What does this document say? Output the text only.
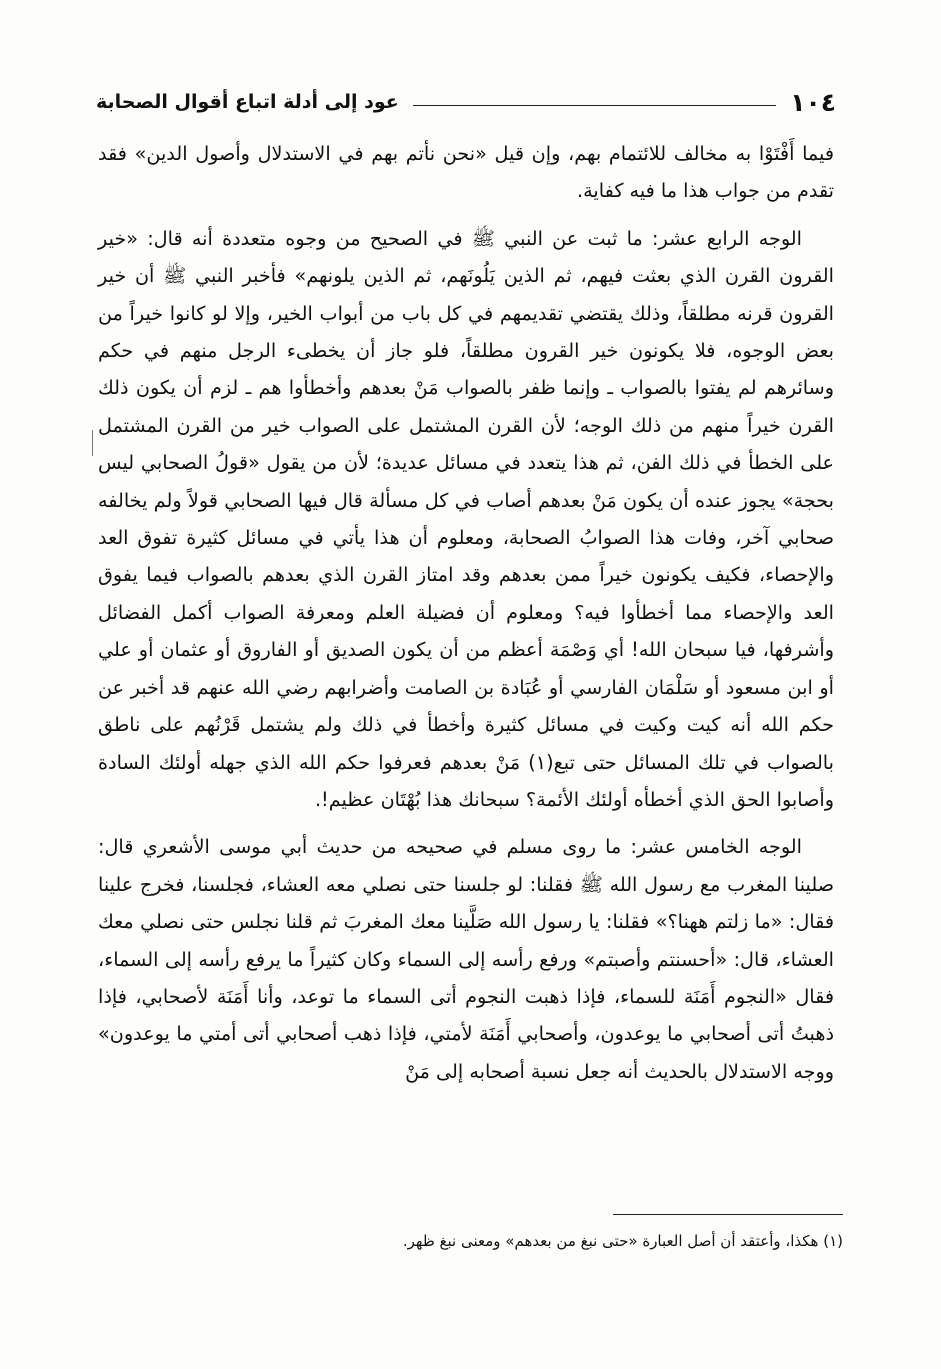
١٠٤
عود إلى أدلة اتباع أقوال الصحابة

فيما أَفْتَوْا به مخالف للائتمام بهم، وإن قيل «نحن نأتم بهم في الاستدلال وأصول الدين» فقد تقدم من جواب هذا ما فيه كفاية.

الوجه الرابع عشر: ما ثبت عن النبي ﷺ في الصحيح من وجوه متعددة أنه قال: «خير القرون القرن الذي بعثت فيهم، ثم الذين يَلُونَهم، ثم الذين يلونهم» فأخبر النبي ﷺ أن خير القرون قرنه مطلقاً، وذلك يقتضي تقديمهم في كل باب من أبواب الخير، وإلا لو كانوا خيراً من بعض الوجوه، فلا يكونون خير القرون مطلقاً، فلو جاز أن يخطىء الرجل منهم في حكم وسائرهم لم يفتوا بالصواب ـ وإنما ظفر بالصواب مَنْ بعدهم وأخطأوا هم ـ لزم أن يكون ذلك القرن خيراً منهم من ذلك الوجه؛ لأن القرن المشتمل على الصواب خير من القرن المشتمل على الخطأ في ذلك الفن، ثم هذا يتعدد في مسائل عديدة؛ لأن من يقول «قولُ الصحابي ليس بحجة» يجوز عنده أن يكون مَنْ بعدهم أصاب في كل مسألة قال فيها الصحابي قولاً ولم يخالفه صحابي آخر، وفات هذا الصوابُ الصحابة، ومعلوم أن هذا يأتي في مسائل كثيرة تفوق العد والإحصاء، فكيف يكونون خيراً ممن بعدهم وقد امتاز القرن الذي بعدهم بالصواب فيما يفوق العد والإحصاء مما أخطأوا فيه؟ ومعلوم أن فضيلة العلم ومعرفة الصواب أكمل الفضائل وأشرفها، فيا سبحان الله! أي وَصْمَة أعظم من أن يكون الصديق أو الفاروق أو عثمان أو علي أو ابن مسعود أو سَلْمَان الفارسي أو عُبَادة بن الصامت وأضرابهم رضي الله عنهم قد أخبر عن حكم الله أنه كيت وكيت في مسائل كثيرة وأخطأ في ذلك ولم يشتمل قَرْنُهم على ناطق بالصواب في تلك المسائل حتى تبع(١) مَنْ بعدهم فعرفوا حكم الله الذي جهله أولئك السادة وأصابوا الحق الذي أخطأه أولئك الأئمة؟ سبحانك هذا بُهْتَان عظيم!.

الوجه الخامس عشر: ما روى مسلم في صحيحه من حديث أبي موسى الأشعري قال: صلينا المغرب مع رسول الله ﷺ فقلنا: لو جلسنا حتى نصلي معه العشاء، فجلسنا، فخرج علينا فقال: «ما زلتم ههنا؟» فقلنا: يا رسول الله صَلَّينا معك المغربَ ثم قلنا نجلس حتى نصلي معك العشاء، قال: «أحسنتم وأصبتم» ورفع رأسه إلى السماء وكان كثيراً ما يرفع رأسه إلى السماء، فقال «النجوم أَمَنَة للسماء، فإذا ذهبت النجوم أتى السماء ما توعد، وأنا أَمَنَة لأصحابي، فإذا ذهبتُ أتى أصحابي ما يوعدون، وأصحابي أَمَنَة لأمتي، فإذا ذهب أصحابي أتى أمتي ما يوعدون» ووجه الاستدلال بالحديث أنه جعل نسبة أصحابه إلى مَنْ

(١) هكذا، وأعتقد أن أصل العبارة «حتى نبغ من بعدهم» ومعنى نبغ ظهر.
